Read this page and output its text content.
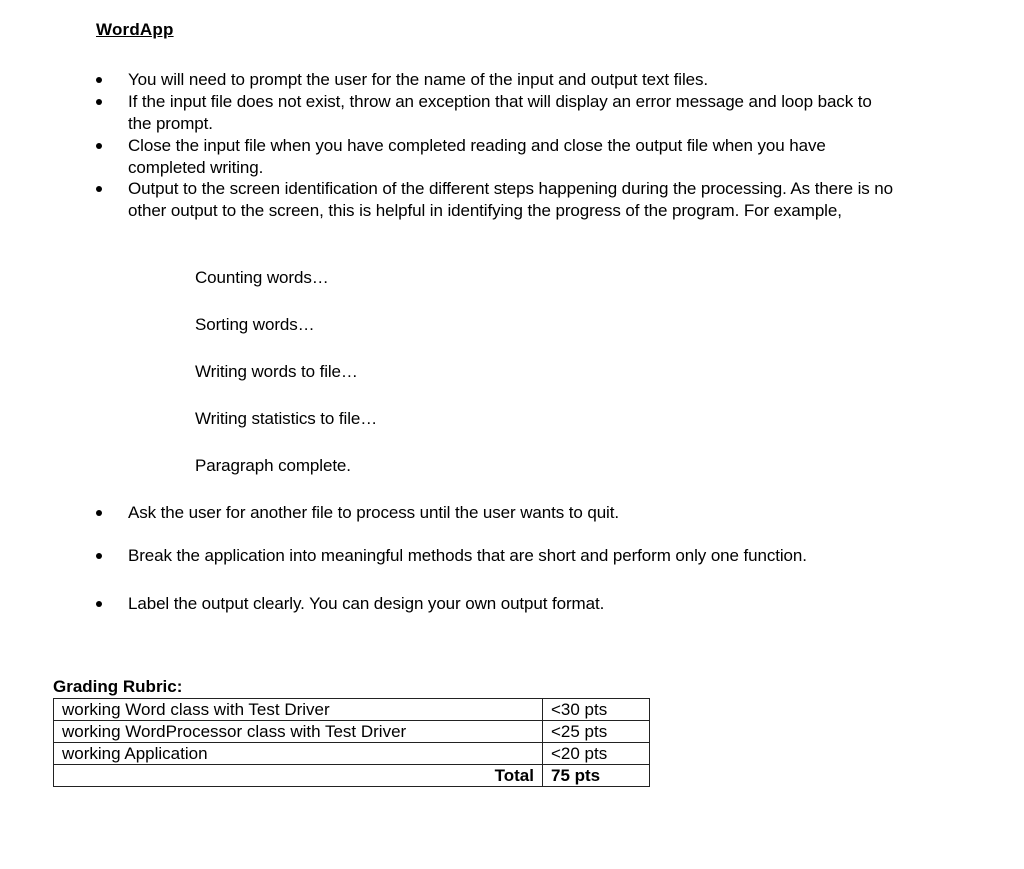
WordApp
You will need to prompt the user for the name of the input and output text files.
If the input file does not exist, throw an exception that will display an error message and loop back to the prompt.
Close the input file when you have completed reading and close the output file when you have completed writing.
Output to the screen identification of the different steps happening during the processing. As there is no other output to the screen, this is helpful in identifying the progress of the program. For example,
Counting words…
Sorting words…
Writing words to file…
Writing statistics to file…
Paragraph complete.
Ask the user for another file to process until the user wants to quit.
Break the application into meaningful methods that are short and perform only one function.
Label the output clearly. You can design your own output format.
Grading Rubric:
working Word class with Test Driver	<30 pts
working WordProcessor class with Test Driver	<25 pts
working Application	<20 pts
Total	75 pts
